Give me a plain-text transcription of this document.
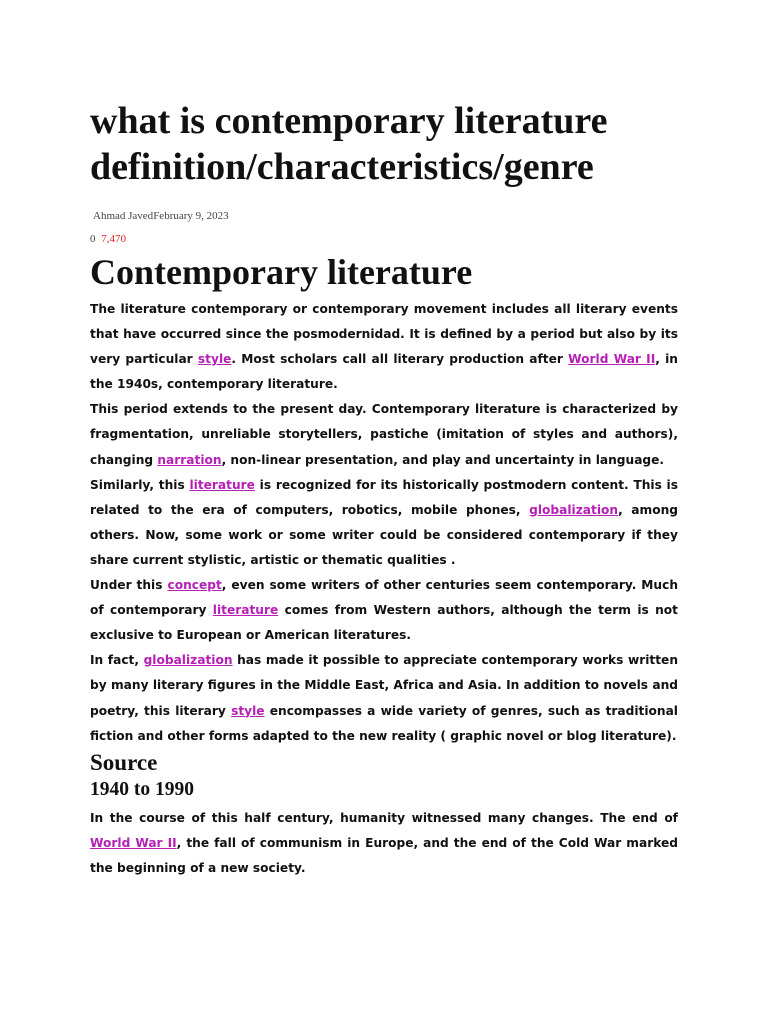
what is contemporary literature definition/characteristics/genre
Ahmad JavedFebruary 9, 2023
0 7,470
Contemporary literature

The literature contemporary or contemporary movement includes all literary events that have occurred since the posmodernidad. It is defined by a period but also by its very particular style. Most scholars call all literary production after World War II, in the 1940s, contemporary literature.

This period extends to the present day. Contemporary literature is characterized by fragmentation, unreliable storytellers, pastiche (imitation of styles and authors), changing narration, non-linear presentation, and play and uncertainty in language.

Similarly, this literature is recognized for its historically postmodern content. This is related to the era of computers, robotics, mobile phones, globalization, among others. Now, some work or some writer could be considered contemporary if they share current stylistic, artistic or thematic qualities .

Under this concept, even some writers of other centuries seem contemporary. Much of contemporary literature comes from Western authors, although the term is not exclusive to European or American literatures.

In fact, globalization has made it possible to appreciate contemporary works written by many literary figures in the Middle East, Africa and Asia. In addition to novels and poetry, this literary style encompasses a wide variety of genres, such as traditional fiction and other forms adapted to the new reality ( graphic novel or blog literature).

Source
1940 to 1990

In the course of this half century, humanity witnessed many changes. The end of World War II, the fall of communism in Europe, and the end of the Cold War marked the beginning of a new society.
